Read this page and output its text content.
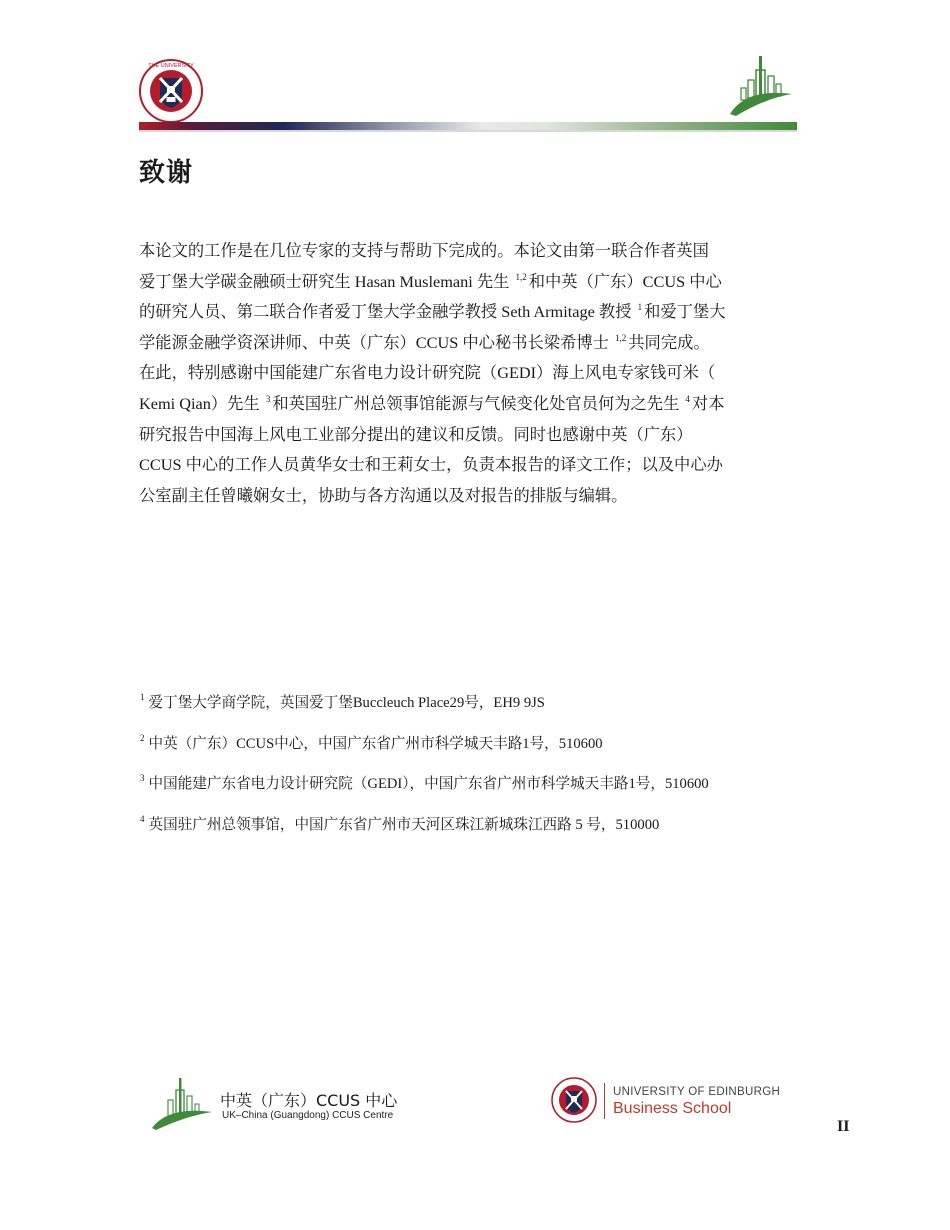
THE UNIVERSITY
致谢
本论文的工作是在几位专家的支持与帮助下完成的。本论文由第一联合作者英国
爱丁堡大学碳金融硕士研究生 Hasan Muslemani 先生 $^{1,2}$ 和中英（广东）CCUS 中心
的研究人员、第二联合作者爱丁堡大学金融学教授 Seth Armitage 教授 $^1$ 和爱丁堡大
学能源金融学资深讲师、中英（广东）CCUS 中心秘书长梁希博士 $^{1,2}$ 共同完成。
在此，特别感谢中国能建广东省电力设计研究院（GEDI）海上风电专家钱可米（
Kemi Qian）先生 $^3$ 和英国驻广州总领事馆能源与气候变化处官员何为之先生 $^4$ 对本
研究报告中国海上风电工业部分提出的建议和反馈。同时也感谢中英（广东）
CCUS 中心的工作人员黄华女士和王莉女士，负责本报告的译文工作；以及中心办
公室副主任曾曦娴女士，协助与各方沟通以及对报告的排版与编辑。
$^1$ 爱丁堡大学商学院，英国爱丁堡Buccleuch Place29号，EH9 9JS
$^2$ 中英（广东）CCUS中心，中国广东省广州市科学城天丰路1号，510600
$^3$ 中国能建广东省电力设计研究院（GEDI），中国广东省广州市科学城天丰路1号，510600
$^4$ 英国驻广州总领事馆，中国广东省广州市天河区珠江新城珠江西路 5 号，510000
中英（广东）CCUS 中心
UK–China (Guangdong) CCUS Centre
UNIVERSITY OF EDINBURGH
Business School
II
